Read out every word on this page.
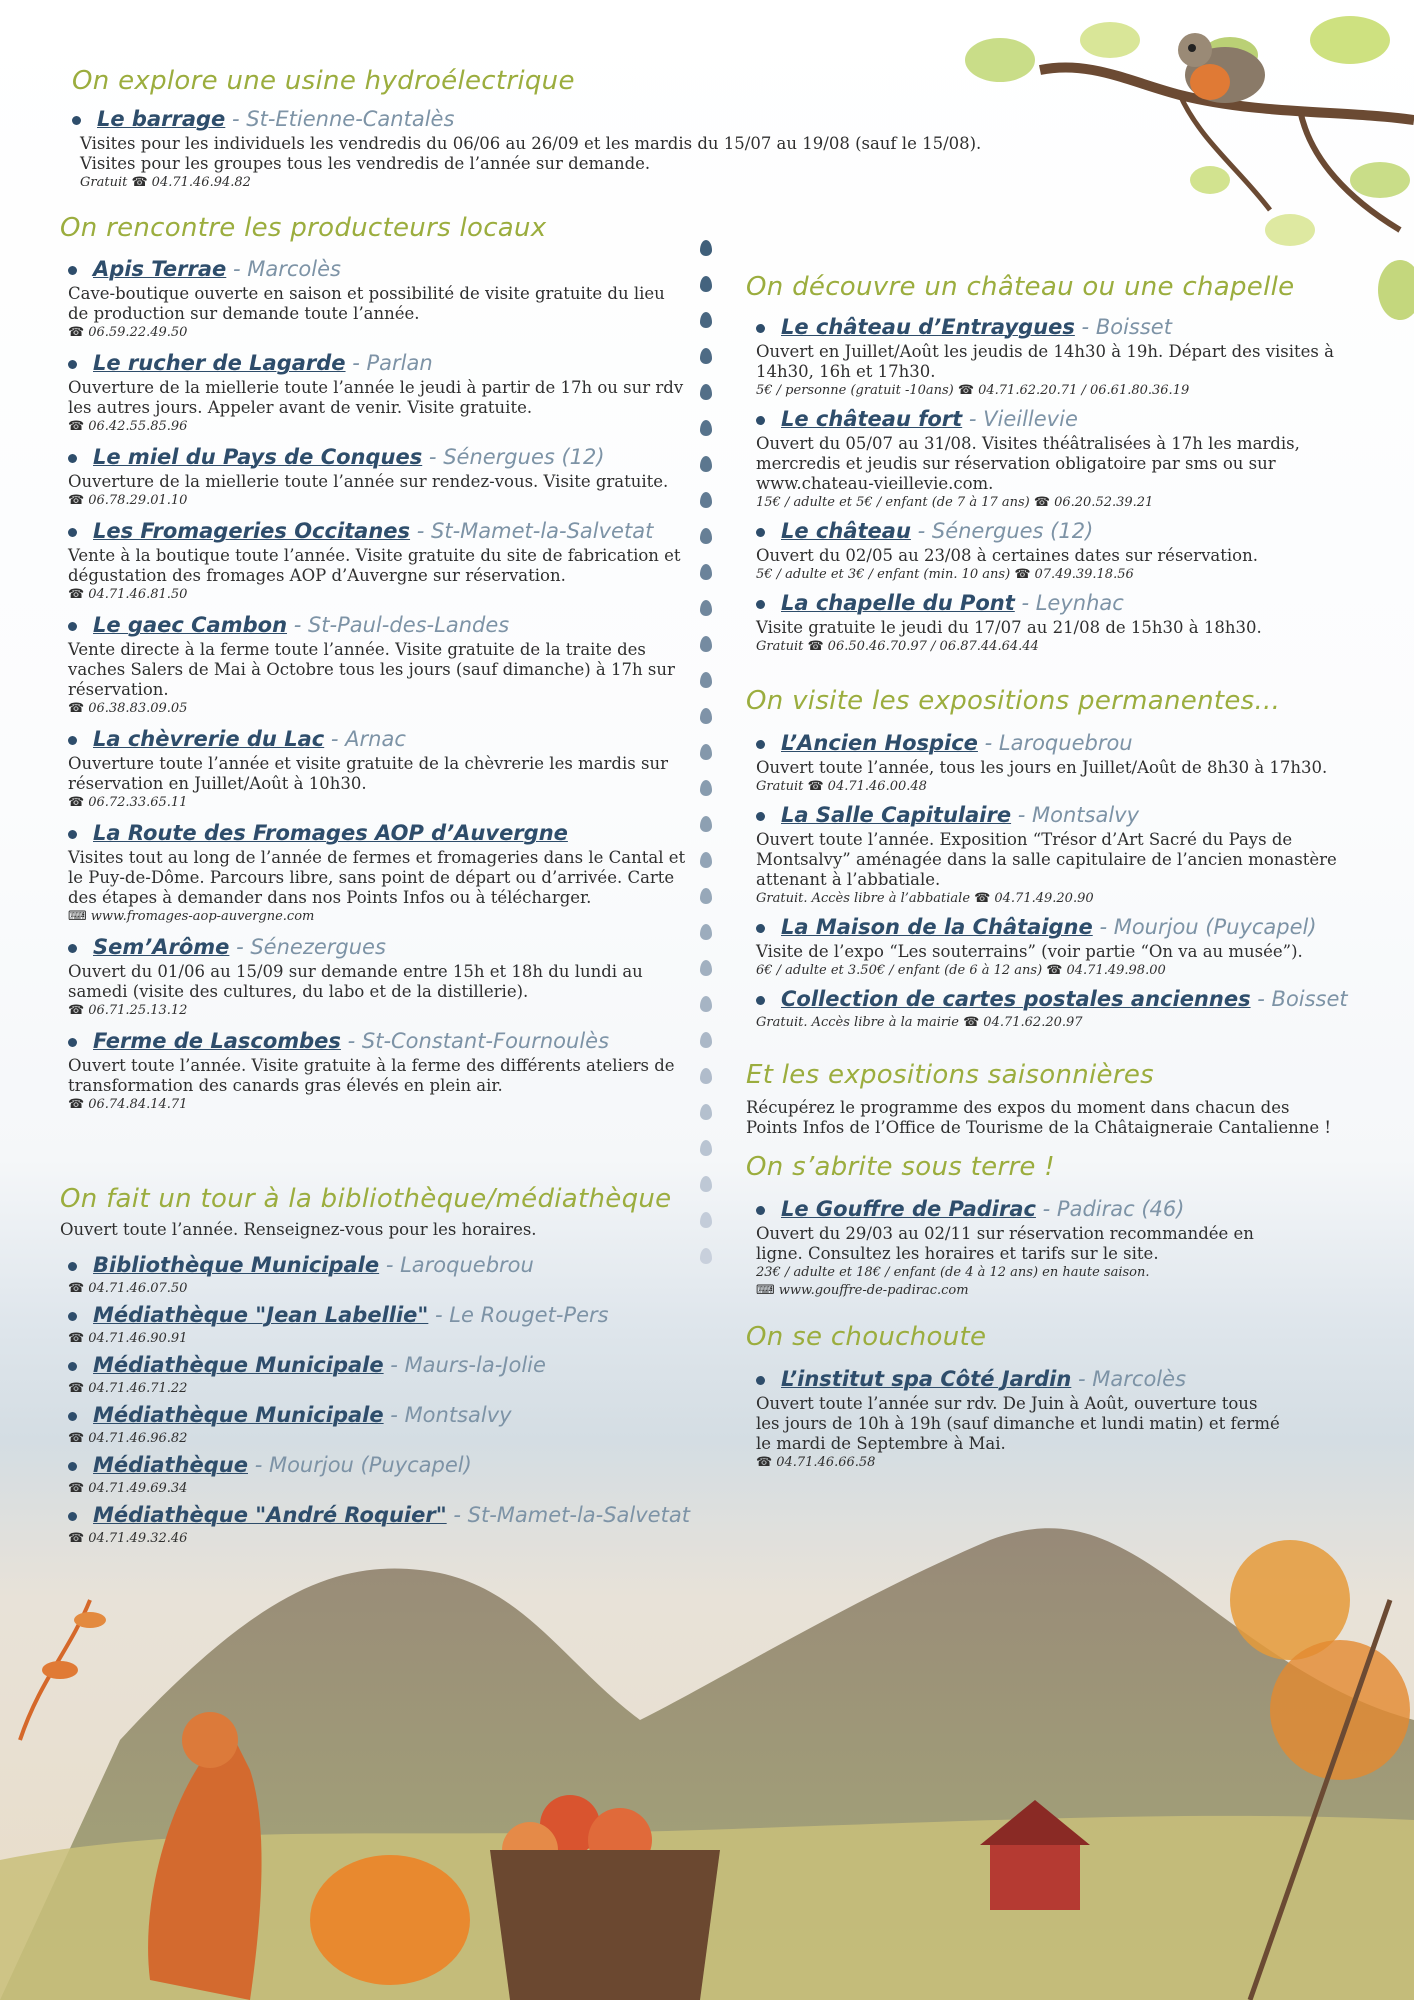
On explore une usine hydroélectrique
Le barrage - St-Etienne-Cantalès
Visites pour les individuels les vendredis du 06/06 au 26/09 et les mardis du 15/07 au 19/08 (sauf le 15/08). Visites pour les groupes tous les vendredis de l’année sur demande.
Gratuit ☎ 04.71.46.94.82
On rencontre les producteurs locaux
Apis Terrae - Marcolès
Cave-boutique ouverte en saison et possibilité de visite gratuite du lieu de production sur demande toute l’année.
☎ 06.59.22.49.50
Le rucher de Lagarde - Parlan
Ouverture de la miellerie toute l’année le jeudi à partir de 17h ou sur rdv les autres jours. Appeler avant de venir. Visite gratuite.
☎ 06.42.55.85.96
Le miel du Pays de Conques - Sénergues (12)
Ouverture de la miellerie toute l’année sur rendez-vous. Visite gratuite.
☎ 06.78.29.01.10
Les Fromageries Occitanes - St-Mamet-la-Salvetat
Vente à la boutique toute l’année. Visite gratuite du site de fabrication et dégustation des fromages AOP d’Auvergne sur réservation.
☎ 04.71.46.81.50
Le gaec Cambon - St-Paul-des-Landes
Vente directe à la ferme toute l’année. Visite gratuite de la traite des vaches Salers de Mai à Octobre tous les jours (sauf dimanche) à 17h sur réservation.
☎ 06.38.83.09.05
La chèvrerie du Lac - Arnac
Ouverture toute l’année et visite gratuite de la chèvrerie les mardis sur réservation en Juillet/Août à 10h30.
☎ 06.72.33.65.11
La Route des Fromages AOP d’Auvergne
Visites tout au long de l’année de fermes et fromageries dans le Cantal et le Puy-de-Dôme. Parcours libre, sans point de départ ou d’arrivée. Carte des étapes à demander dans nos Points Infos ou à télécharger.
⌨ www.fromages-aop-auvergne.com
Sem’Arôme - Sénezergues
Ouvert du 01/06 au 15/09 sur demande entre 15h et 18h du lundi au samedi (visite des cultures, du labo et de la distillerie).
☎ 06.71.25.13.12
Ferme de Lascombes - St-Constant-Fournoulès
Ouvert toute l’année. Visite gratuite à la ferme des différents ateliers de transformation des canards gras élevés en plein air.
☎ 06.74.84.14.71
On fait un tour à la bibliothèque/médiathèque
Ouvert toute l’année. Renseignez-vous pour les horaires.
Bibliothèque Municipale - Laroquebrou
☎ 04.71.46.07.50
Médiathèque "Jean Labellie" - Le Rouget-Pers
☎ 04.71.46.90.91
Médiathèque Municipale - Maurs-la-Jolie
☎ 04.71.46.71.22
Médiathèque Municipale - Montsalvy
☎ 04.71.46.96.82
Médiathèque - Mourjou (Puycapel)
☎ 04.71.49.69.34
Médiathèque "André Roquier" - St-Mamet-la-Salvetat
☎ 04.71.49.32.46
On découvre un château ou une chapelle
Le château d’Entraygues - Boisset
Ouvert en Juillet/Août les jeudis de 14h30 à 19h. Départ des visites à 14h30, 16h et 17h30.
5€ / personne (gratuit -10ans) ☎ 04.71.62.20.71 / 06.61.80.36.19
Le château fort - Vieillevie
Ouvert du 05/07 au 31/08. Visites théâtralisées à 17h les mardis, mercredis et jeudis sur réservation obligatoire par sms ou sur www.chateau-vieillevie.com.
15€ / adulte et 5€ / enfant (de 7 à 17 ans) ☎ 06.20.52.39.21
Le château - Sénergues (12)
Ouvert du 02/05 au 23/08 à certaines dates sur réservation.
5€ / adulte et 3€ / enfant (min. 10 ans) ☎ 07.49.39.18.56
La chapelle du Pont - Leynhac
Visite gratuite le jeudi du 17/07 au 21/08 de 15h30 à 18h30.
Gratuit ☎ 06.50.46.70.97 / 06.87.44.64.44
On visite les expositions permanentes...
L’Ancien Hospice - Laroquebrou
Ouvert toute l’année, tous les jours en Juillet/Août de 8h30 à 17h30.
Gratuit ☎ 04.71.46.00.48
La Salle Capitulaire - Montsalvy
Ouvert toute l’année. Exposition “Trésor d’Art Sacré du Pays de Montsalvy” aménagée dans la salle capitulaire de l’ancien monastère attenant à l’abbatiale.
Gratuit. Accès libre à l’abbatiale ☎ 04.71.49.20.90
La Maison de la Châtaigne - Mourjou (Puycapel)
Visite de l’expo “Les souterrains” (voir partie “On va au musée”).
6€ / adulte et 3.50€ / enfant (de 6 à 12 ans) ☎ 04.71.49.98.00
Collection de cartes postales anciennes - Boisset
Gratuit. Accès libre à la mairie ☎ 04.71.62.20.97
Et les expositions saisonnières
Récupérez le programme des expos du moment dans chacun des Points Infos de l’Office de Tourisme de la Châtaigneraie Cantalienne !
On s’abrite sous terre !
Le Gouffre de Padirac - Padirac (46)
Ouvert du 29/03 au 02/11 sur réservation recommandée en ligne. Consultez les horaires et tarifs sur le site.
23€ / adulte et 18€ / enfant (de 4 à 12 ans) en haute saison.
⌨ www.gouffre-de-padirac.com
On se chouchoute
L’institut spa Côté Jardin - Marcolès
Ouvert toute l’année sur rdv. De Juin à Août, ouverture tous les jours de 10h à 19h (sauf dimanche et lundi matin) et fermé le mardi de Septembre à Mai.
☎ 04.71.46.66.58
